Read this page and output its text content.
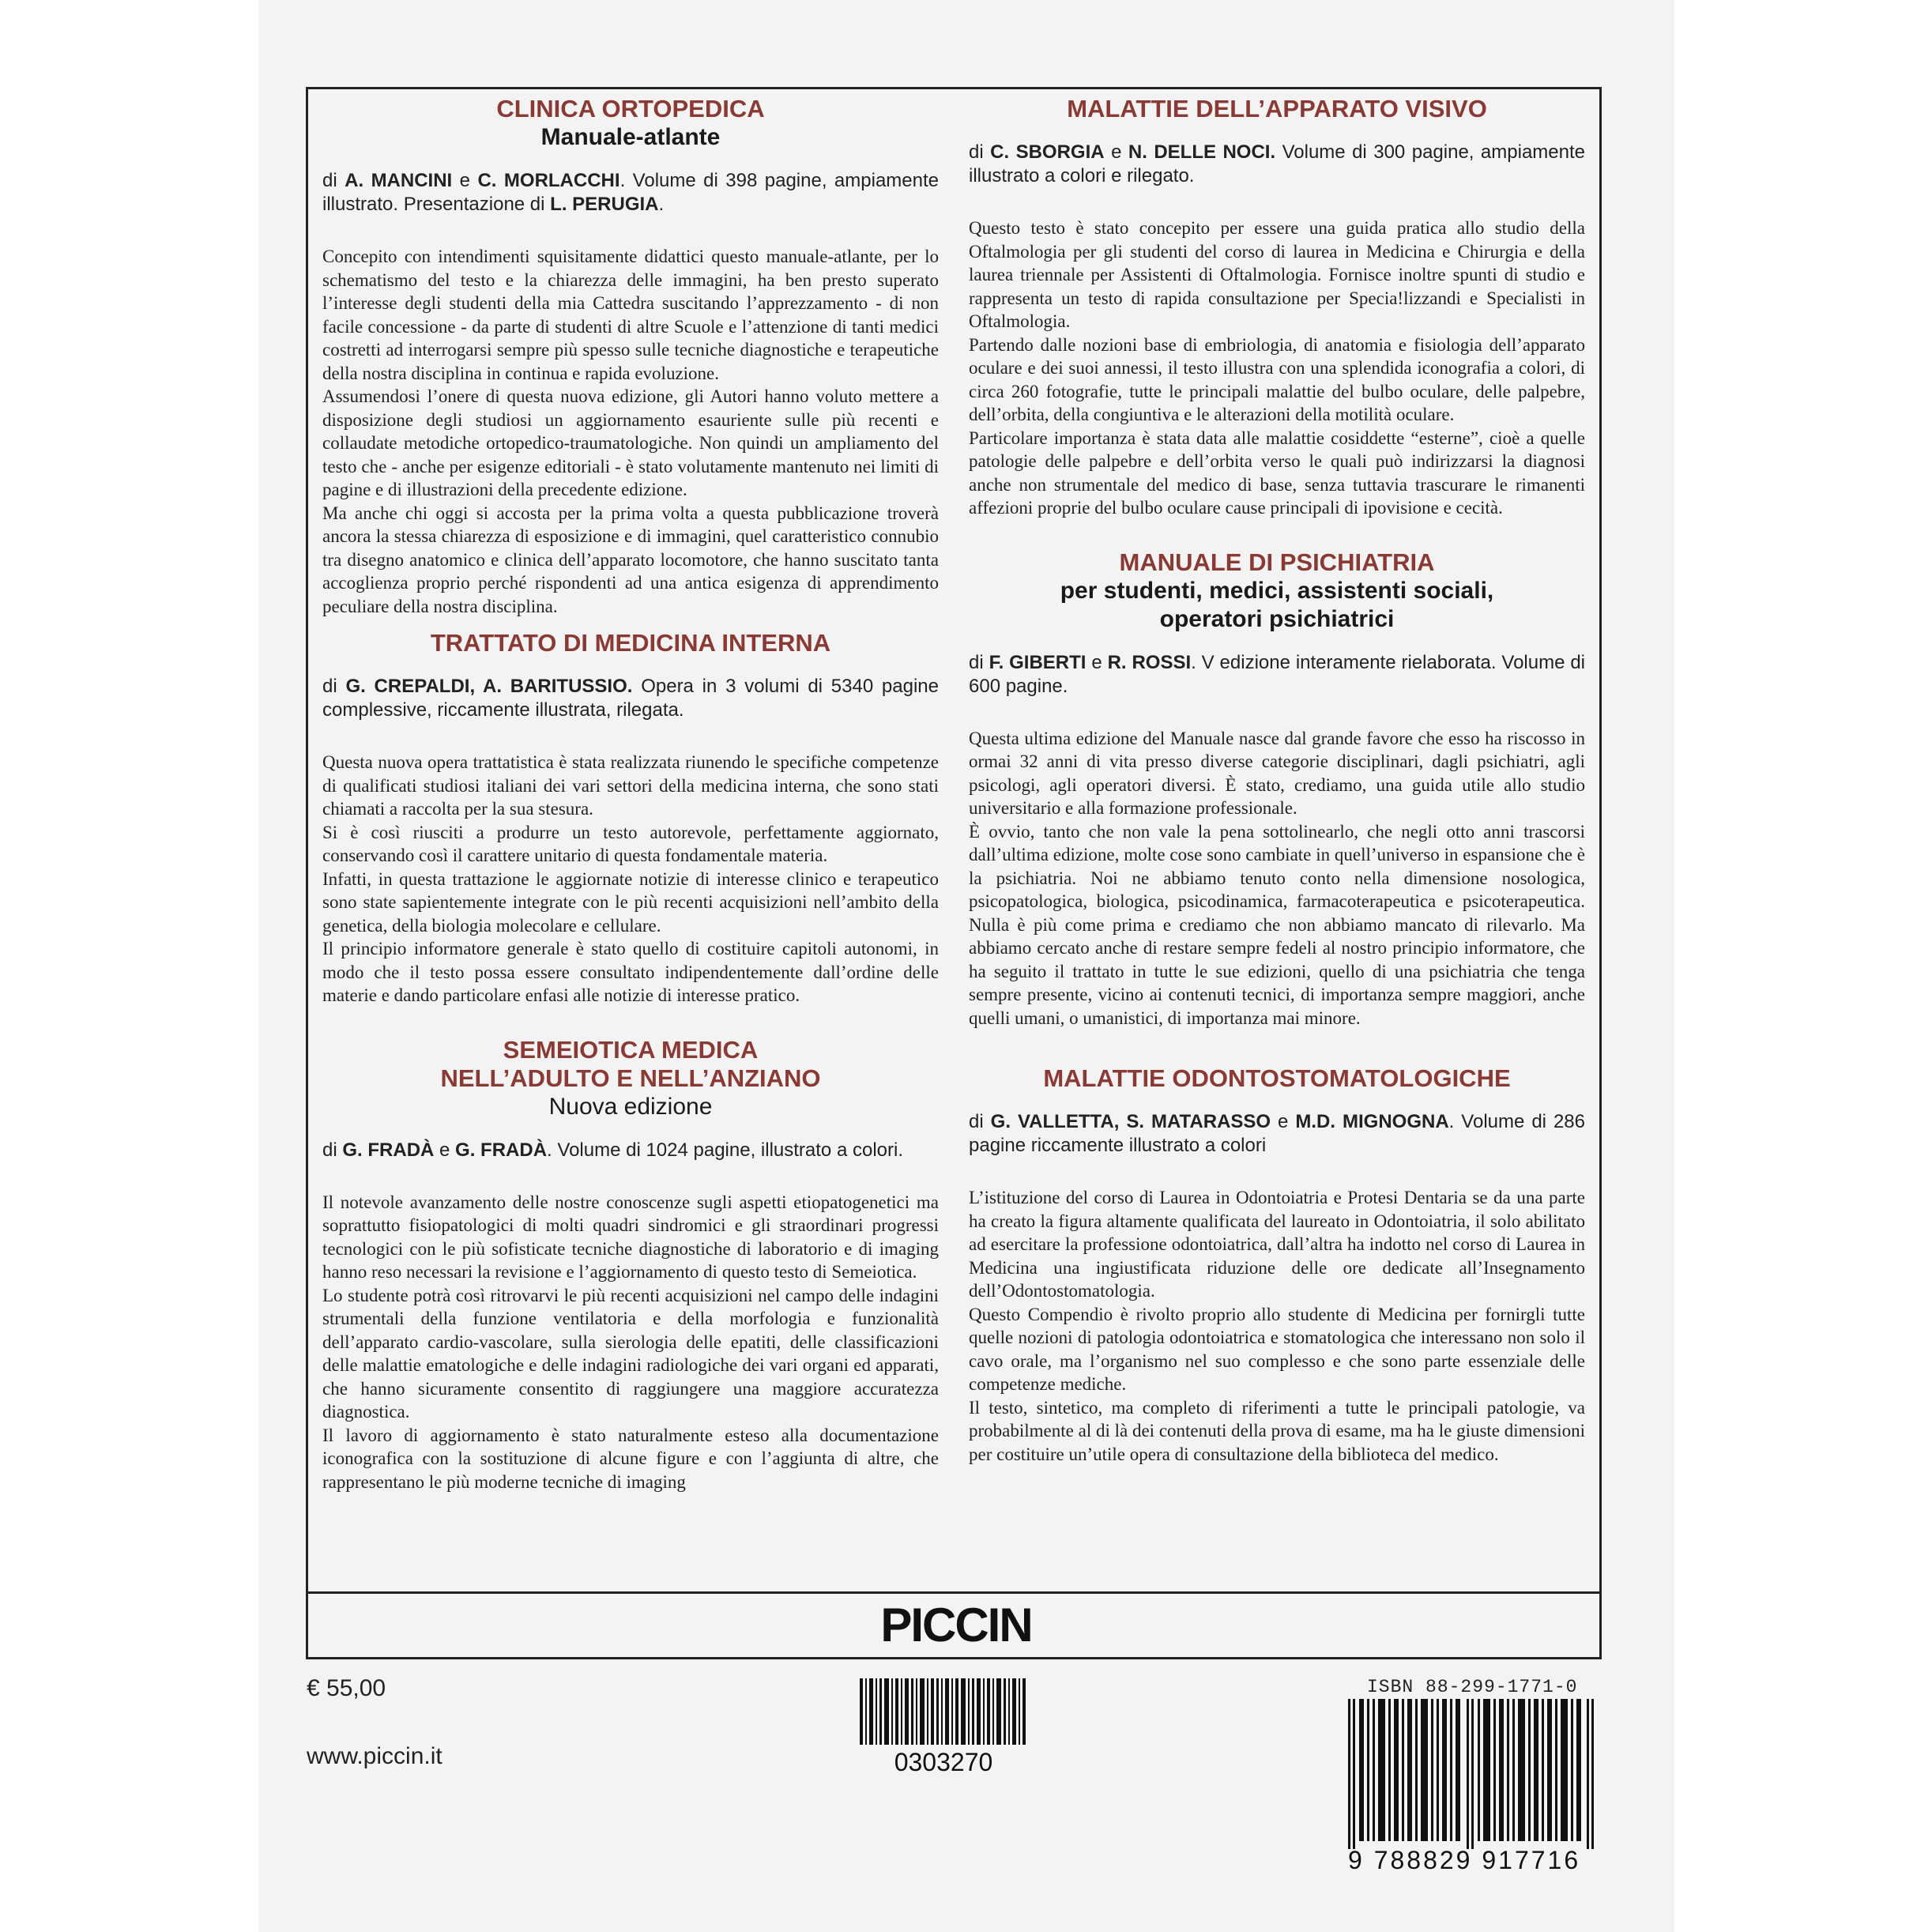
CLINICA ORTOPEDICA
Manuale-atlante
di A. MANCINI e C. MORLACCHI. Volume di 398 pagine, ampiamente illustrato. Presentazione di L. PERUGIA.

Concepito con intendimenti squisitamente didattici questo manuale-atlante, per lo schematismo del testo e la chiarezza delle immagini, ha ben presto superato l’interesse degli studenti della mia Cattedra suscitando l’apprezzamento - di non facile concessione - da parte di studenti di altre Scuole e l’attenzione di tanti medici costretti ad interrogarsi sempre più spesso sulle tecniche diagnostiche e terapeutiche della nostra disciplina in continua e rapida evoluzione.

Assumendosi l’onere di questa nuova edizione, gli Autori hanno voluto mettere a disposizione degli studiosi un aggiornamento esauriente sulle più recenti e collaudate metodiche ortopedico-traumatologiche. Non quindi un ampliamento del testo che - anche per esigenze editoriali - è stato volutamente mantenuto nei limiti di pagine e di illustrazioni della precedente edizione.

Ma anche chi oggi si accosta per la prima volta a questa pubblicazione troverà ancora la stessa chiarezza di esposizione e di immagini, quel caratteristico connubio tra disegno anatomico e clinica dell’apparato locomotore, che hanno suscitato tanta accoglienza proprio perché rispondenti ad una antica esigenza di apprendimento peculiare della nostra disciplina.

TRATTATO DI MEDICINA INTERNA
di G. CREPALDI, A. BARITUSSIO. Opera in 3 volumi di 5340 pagine complessive, riccamente illustrata, rilegata.

Questa nuova opera trattatistica è stata realizzata riunendo le specifiche competenze di qualificati studiosi italiani dei vari settori della medicina interna, che sono stati chiamati a raccolta per la sua stesura.

Si è così riusciti a produrre un testo autorevole, perfettamente aggiornato, conservando così il carattere unitario di questa fondamentale materia.

Infatti, in questa trattazione le aggiornate notizie di interesse clinico e terapeutico sono state sapientemente integrate con le più recenti acquisizioni nell’ambito della genetica, della biologia molecolare e cellulare.

Il principio informatore generale è stato quello di costituire capitoli autonomi, in modo che il testo possa essere consultato indipendentemente dall’ordine delle materie e dando particolare enfasi alle notizie di interesse pratico.

SEMEIOTICA MEDICA
NELL’ADULTO E NELL’ANZIANO
Nuova edizione
di G. FRADÀ e G. FRADÀ. Volume di 1024 pagine, illustrato a colori.

Il notevole avanzamento delle nostre conoscenze sugli aspetti etiopatogenetici ma soprattutto fisiopatologici di molti quadri sindromici e gli straordinari progressi tecnologici con le più sofisticate tecniche diagnostiche di laboratorio e di imaging hanno reso necessari la revisione e l’aggiornamento di questo testo di Semeiotica.

Lo studente potrà così ritrovarvi le più recenti acquisizioni nel campo delle indagini strumentali della funzione ventilatoria e della morfologia e funzionalità dell’apparato cardio-vascolare, sulla sierologia delle epatiti, delle classificazioni delle malattie ematologiche e delle indagini radiologiche dei vari organi ed apparati, che hanno sicuramente consentito di raggiungere una maggiore accuratezza diagnostica.

Il lavoro di aggiornamento è stato naturalmente esteso alla documentazione iconografica con la sostituzione di alcune figure e con l’aggiunta di altre, che rappresentano le più moderne tecniche di imaging

MALATTIE DELL’APPARATO VISIVO
di C. SBORGIA e N. DELLE NOCI. Volume di 300 pagine, ampiamente illustrato a colori e rilegato.

Questo testo è stato concepito per essere una guida pratica allo studio della Oftalmologia per gli studenti del corso di laurea in Medicina e Chirurgia e della laurea triennale per Assistenti di Oftalmologia. Fornisce inoltre spunti di studio e rappresenta un testo di rapida consultazione per Specia!lizzandi e Specialisti in Oftalmologia.

Partendo dalle nozioni base di embriologia, di anatomia e fisiologia dell’apparato oculare e dei suoi annessi, il testo illustra con una splendida iconografia a colori, di circa 260 fotografie, tutte le principali malattie del bulbo oculare, delle palpebre, dell’orbita, della congiuntiva e le alterazioni della motilità oculare.

Particolare importanza è stata data alle malattie cosiddette “esterne”, cioè a quelle patologie delle palpebre e dell’orbita verso le quali può indirizzarsi la diagnosi anche non strumentale del medico di base, senza tuttavia trascurare le rimanenti affezioni proprie del bulbo oculare cause principali di ipovisione e cecità.

MANUALE DI PSICHIATRIA
per studenti, medici, assistenti sociali,
operatori psichiatrici
di F. GIBERTI e R. ROSSI. V edizione interamente rielaborata. Volume di 600 pagine.

Questa ultima edizione del Manuale nasce dal grande favore che esso ha riscosso in ormai 32 anni di vita presso diverse categorie disciplinari, dagli psichiatri, agli psicologi, agli operatori diversi. È stato, crediamo, una guida utile allo studio universitario e alla formazione professionale.

È ovvio, tanto che non vale la pena sottolinearlo, che negli otto anni trascorsi dall’ultima edizione, molte cose sono cambiate in quell’universo in espansione che è la psichiatria. Noi ne abbiamo tenuto conto nella dimensione nosologica, psicopatologica, biologica, psicodinamica, farmacoterapeutica e psicoterapeutica. Nulla è più come prima e crediamo che non abbiamo mancato di rilevarlo. Ma abbiamo cercato anche di restare sempre fedeli al nostro principio informatore, che ha seguito il trattato in tutte le sue edizioni, quello di una psichiatria che tenga sempre presente, vicino ai contenuti tecnici, di importanza sempre maggiori, anche quelli umani, o umanistici, di importanza mai minore.

MALATTIE ODONTOSTOMATOLOGICHE
di G. VALLETTA, S. MATARASSO e M.D. MIGNOGNA. Volume di 286 pagine riccamente illustrato a colori

L’istituzione del corso di Laurea in Odontoiatria e Protesi Dentaria se da una parte ha creato la figura altamente qualificata del laureato in Odontoiatria, il solo abilitato ad esercitare la professione odontoiatrica, dall’altra ha indotto nel corso di Laurea in Medicina una ingiustificata riduzione delle ore dedicate all’Insegnamento dell’Odontostomatologia.

Questo Compendio è rivolto proprio allo studente di Medicina per fornirgli tutte quelle nozioni di patologia odontoiatrica e stomatologica che interessano non solo il cavo orale, ma l’organismo nel suo complesso e che sono parte essenziale delle competenze mediche.

Il testo, sintetico, ma completo di riferimenti a tutte le principali patologie, va probabilmente al di là dei contenuti della prova di esame, ma ha le giuste dimensioni per costituire un’utile opera di consultazione della biblioteca del medico.

PICCIN
€ 55,00
www.piccin.it	0303270
ISBN 88-299-1771-0
9 788829 917716
